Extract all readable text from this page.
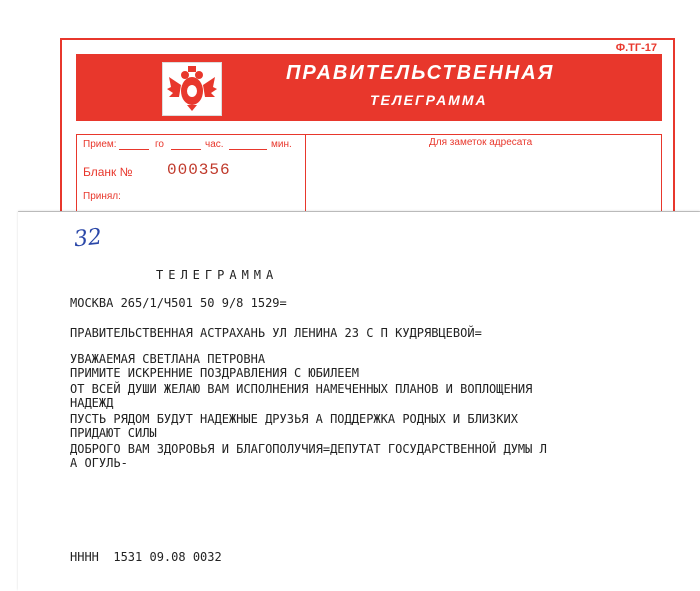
Ф.ТГ-17
ПРАВИТЕЛЬСТВЕННАЯ
ТЕЛЕГРАММА
Прием:	го	час.	мин.
Бланк № 000356
Принял:
Для заметок адресата
32
ТЕЛЕГРАММА
МОСКВА 265/1/Ч501 50 9/8 1529=
ПРАВИТЕЛЬСТВЕННАЯ АСТРАХАНЬ УЛ ЛЕНИНА 23 С П КУДРЯВЦЕВОЙ=
УВАЖАЕМАЯ СВЕТЛАНА ПЕТРОВНА
ПРИМИТЕ ИСКРЕННИЕ ПОЗДРАВЛЕНИЯ С ЮБИЛЕЕМ
ОТ ВСЕЙ ДУШИ ЖЕЛАЮ ВАМ ИСПОЛНЕНИЯ НАМЕЧЕННЫХ ПЛАНОВ И ВОПЛОЩЕНИЯ
НАДЕЖД
ПУСТЬ РЯДОМ БУДУТ НАДЕЖНЫЕ ДРУЗЬЯ А ПОДДЕРЖКА РОДНЫХ И БЛИЗКИХ
ПРИДАЮТ СИЛЫ
ДОБРОГО ВАМ ЗДОРОВЬЯ И БЛАГОПОЛУЧИЯ=ДЕПУТАТ ГОСУДАРСТВЕННОЙ ДУМЫ Л
А ОГУЛЬ-
НННН  1531 09.08 0032
